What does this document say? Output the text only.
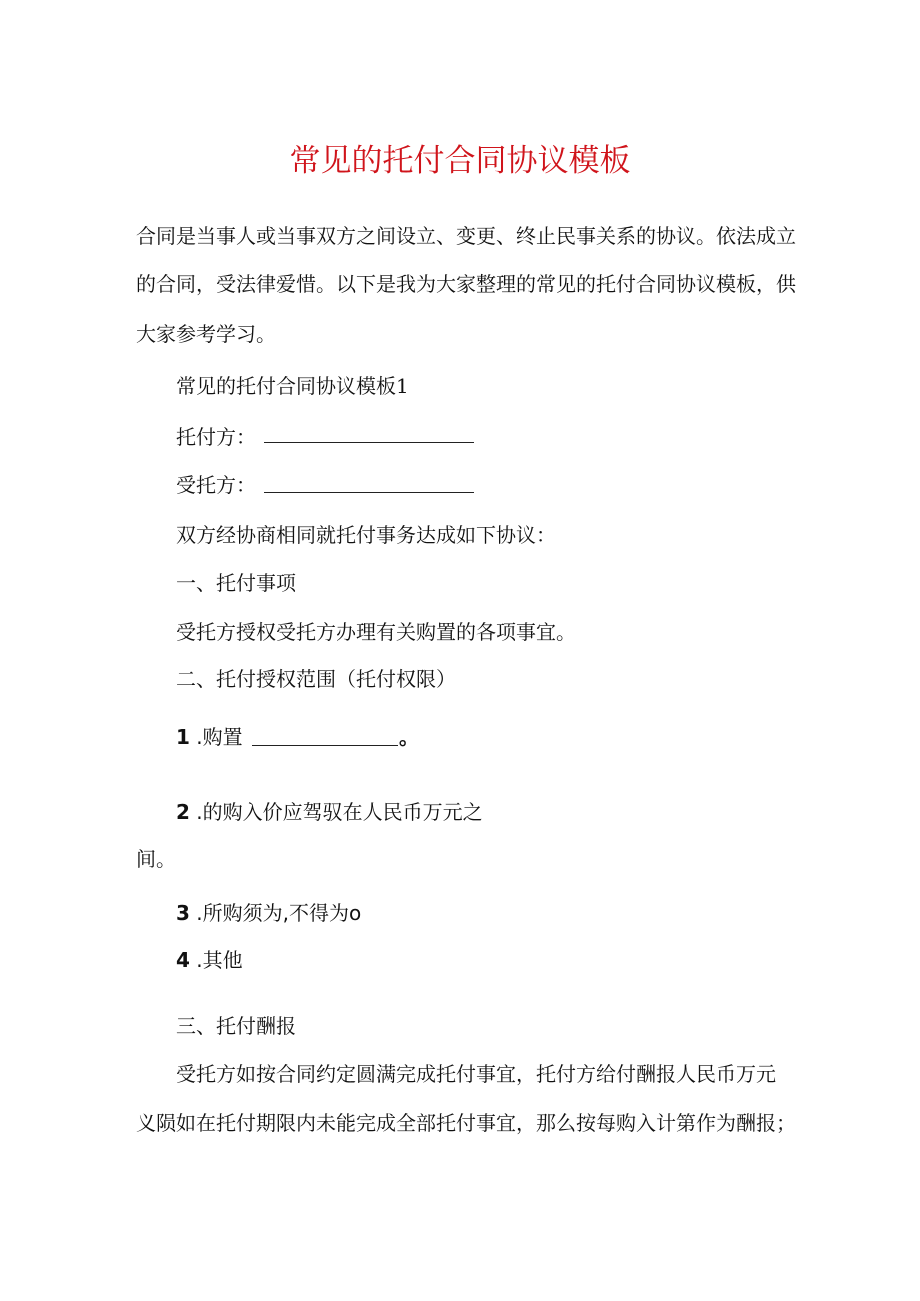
常见的托付合同协议模板
合同是当事人或当事双方之间设立、变更、终止民事关系的协议。依法成立
的合同，受法律爱惜。以下是我为大家整理的常见的托付合同协议模板，供
大家参考学习。
常见的托付合同协议模板1
托付方：
受托方：
双方经协商相同就托付事务达成如下协议：
一、托付事项
受托方授权受托方办理有关购置的各项事宜。
二、托付授权范围（托付权限）
1 .购置	。
2 .的购入价应驾驭在人民币万元之
间。
3 .所购须为,不得为o
4 .其他
三、托付酬报
受托方如按合同约定圆满完成托付事宜，托付方给付酬报人民币万元
义陨如在托付期限内未能完成全部托付事宜，那么按每购入计第作为酬报；
